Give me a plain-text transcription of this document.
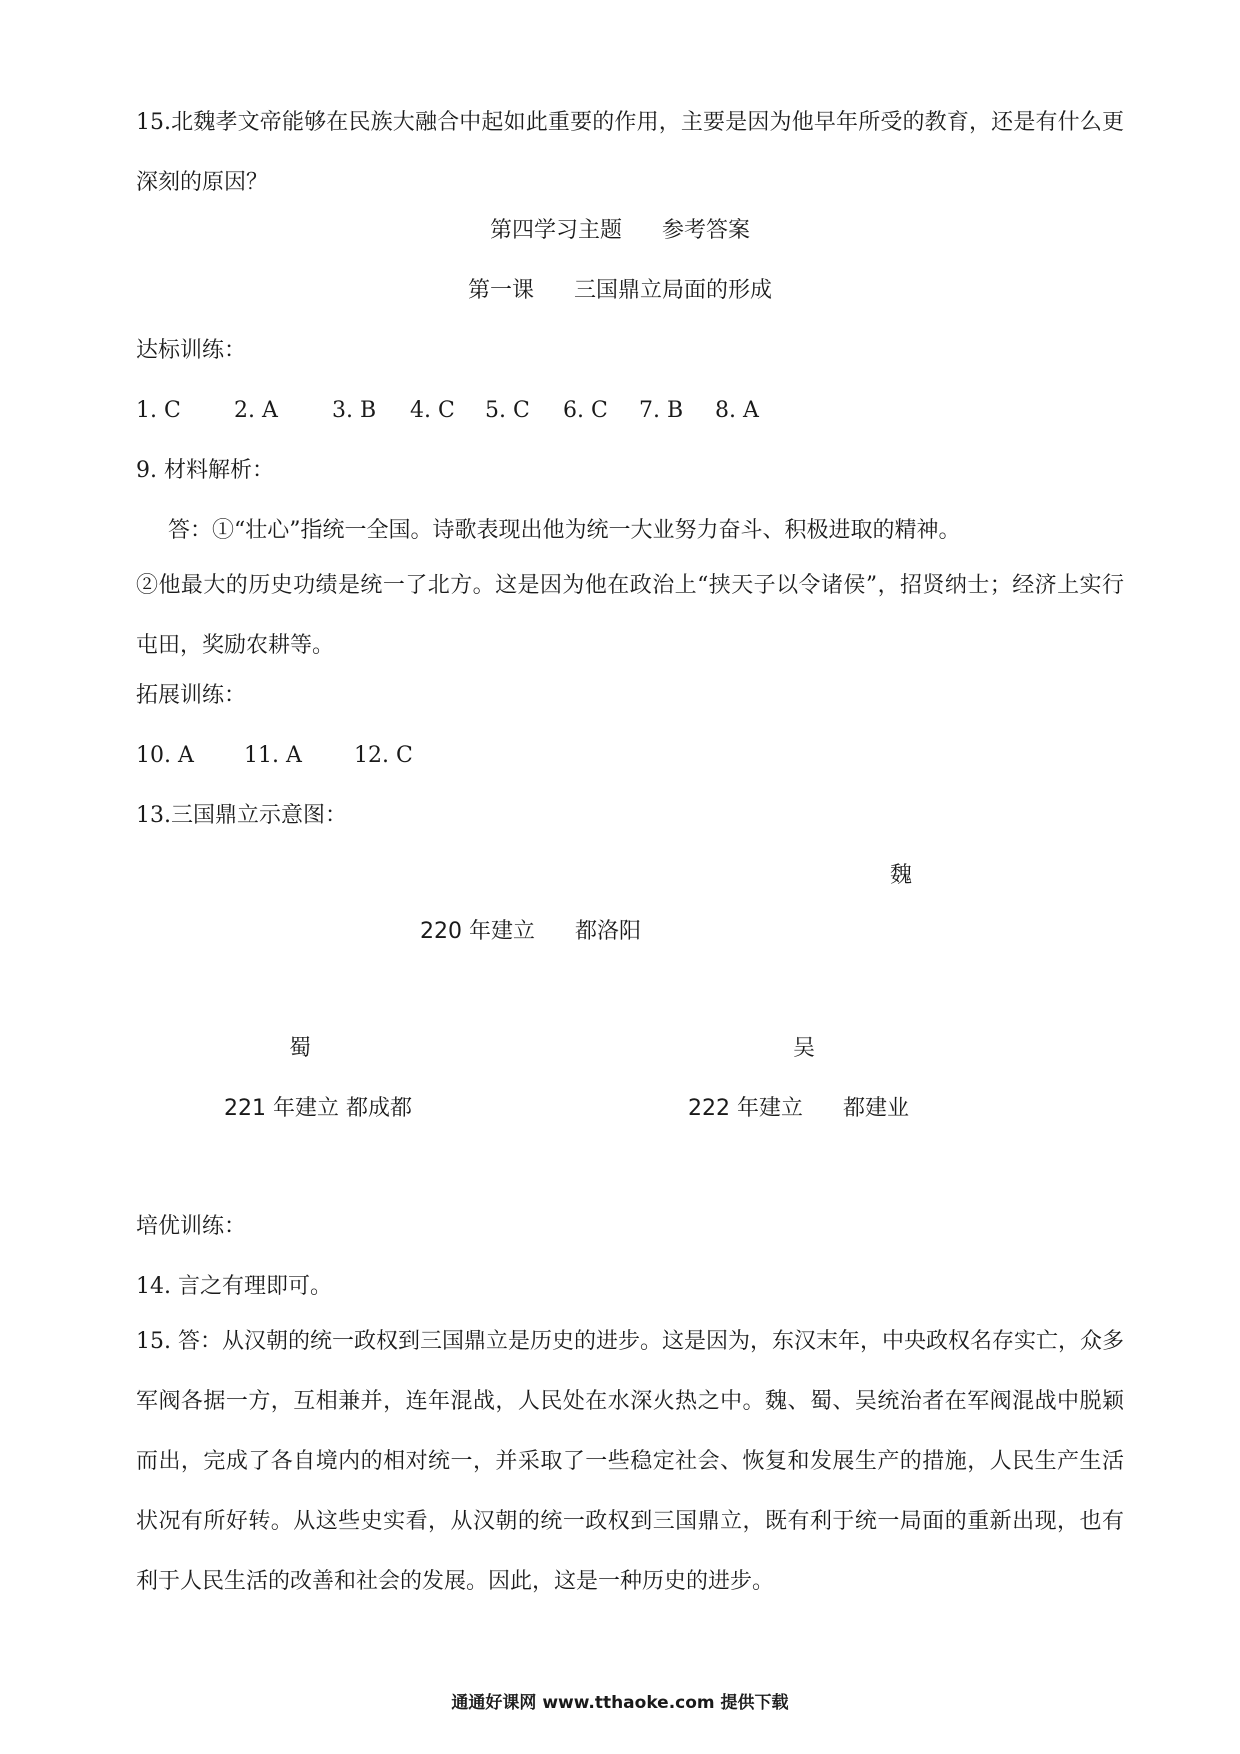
15.北魏孝文帝能够在民族大融合中起如此重要的作用，主要是因为他早年所受的教育，还是有什么更深刻的原因？
第四学习主题 参考答案
第一课 三国鼎立局面的形成
达标训练：
1. C 2. A 3. B 4. C 5. C 6. C 7. B 8. A
9. 材料解析：
答：①“壮心”指统一全国。诗歌表现出他为统一大业努力奋斗、积极进取的精神。
②他最大的历史功绩是统一了北方。这是因为他在政治上“挟天子以令诸侯”，招贤纳士；经济上实行屯田，奖励农耕等。
拓展训练：
10. A 11. A 12. C
13.三国鼎立示意图：
魏
220 年建立 都洛阳
蜀
221 年建立 都成都
吴
222 年建立 都建业
培优训练：
14. 言之有理即可。
15. 答：从汉朝的统一政权到三国鼎立是历史的进步。这是因为，东汉末年，中央政权名存实亡，众多军阀各据一方，互相兼并，连年混战，人民处在水深火热之中。魏、蜀、吴统治者在军阀混战中脱颖而出，完成了各自境内的相对统一，并采取了一些稳定社会、恢复和发展生产的措施，人民生产生活状况有所好转。从这些史实看，从汉朝的统一政权到三国鼎立，既有利于统一局面的重新出现，也有利于人民生活的改善和社会的发展。因此，这是一种历史的进步。
通通好课网 www.tthaoke.com 提供下载
